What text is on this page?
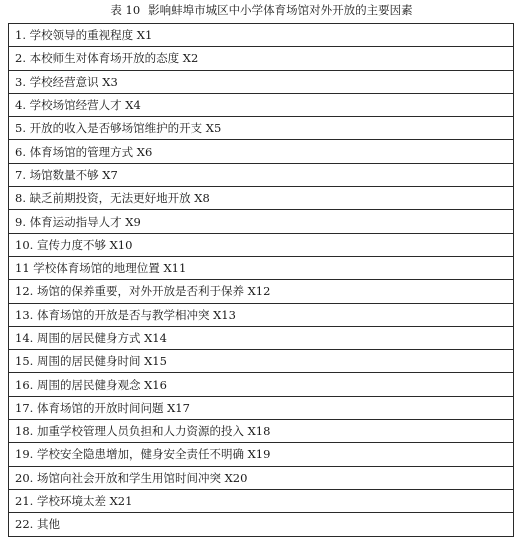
表 10 影响蚌埠市城区中小学体育场馆对外开放的主要因素
1. 学校领导的重视程度 X1
2. 本校师生对体育场开放的态度 X2
3. 学校经营意识 X3
4. 学校场馆经营人才 X4
5. 开放的收入是否够场馆维护的开支 X5
6. 体育场馆的管理方式 X6
7. 场馆数量不够 X7
8. 缺乏前期投资，无法更好地开放 X8
9. 体育运动指导人才 X9
10. 宣传力度不够 X10
11 学校体育场馆的地理位置 X11
12. 场馆的保养重要，对外开放是否利于保养 X12
13. 体育场馆的开放是否与教学相冲突 X13
14. 周围的居民健身方式 X14
15. 周围的居民健身时间 X15
16. 周围的居民健身观念 X16
17. 体育场馆的开放时间问题 X17
18. 加重学校管理人员负担和人力资源的投入 X18
19. 学校安全隐患增加，健身安全责任不明确 X19
20. 场馆向社会开放和学生用馆时间冲突 X20
21. 学校环境太差 X21
22. 其他
